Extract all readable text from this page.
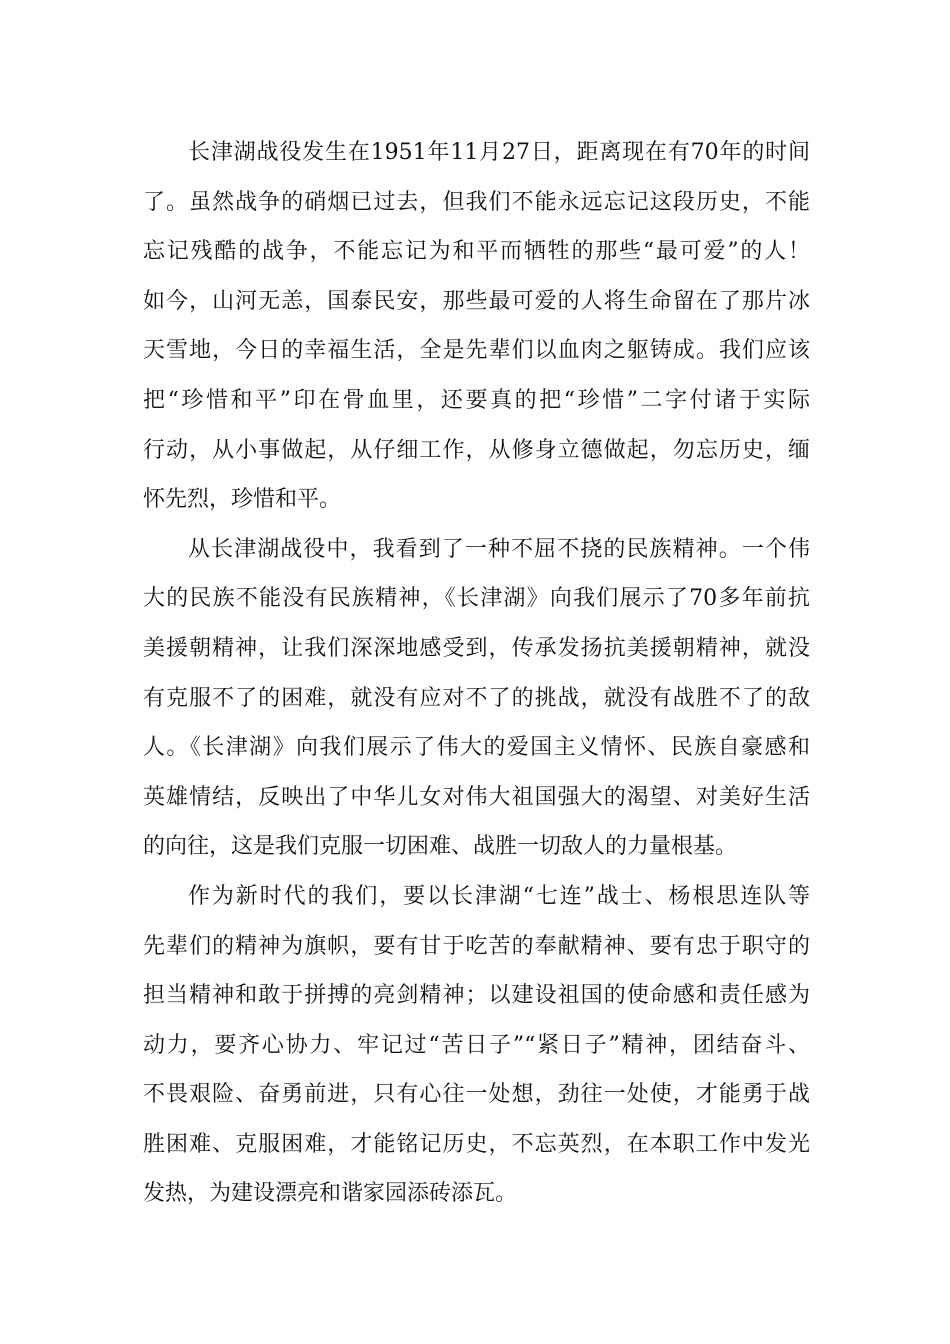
长津湖战役发生在1951年11月27日，距离现在有70年的时间
了。虽然战争的硝烟已过去，但我们不能永远忘记这段历史，不能
忘记残酷的战争，不能忘记为和平而牺牲的那些“最可爱”的人！
如今，山河无恙，国泰民安，那些最可爱的人将生命留在了那片冰
天雪地，今日的幸福生活，全是先辈们以血肉之躯铸成。我们应该
把“珍惜和平”印在骨血里，还要真的把“珍惜”二字付诸于实际
行动，从小事做起，从仔细工作，从修身立德做起，勿忘历史，缅
怀先烈，珍惜和平。
从长津湖战役中，我看到了一种不屈不挠的民族精神。一个伟
大的民族不能没有民族精神，《长津湖》向我们展示了70多年前抗
美援朝精神，让我们深深地感受到，传承发扬抗美援朝精神，就没
有克服不了的困难，就没有应对不了的挑战，就没有战胜不了的敌
人。《长津湖》向我们展示了伟大的爱国主义情怀、民族自豪感和
英雄情结，反映出了中华儿女对伟大祖国强大的渴望、对美好生活
的向往，这是我们克服一切困难、战胜一切敌人的力量根基。
作为新时代的我们，要以长津湖“七连”战士、杨根思连队等
先辈们的精神为旗帜，要有甘于吃苦的奉献精神、要有忠于职守的
担当精神和敢于拼搏的亮剑精神；以建设祖国的使命感和责任感为
动力，要齐心协力、牢记过“苦日子”“紧日子”精神，团结奋斗、
不畏艰险、奋勇前进，只有心往一处想，劲往一处使，才能勇于战
胜困难、克服困难，才能铭记历史，不忘英烈，在本职工作中发光
发热，为建设漂亮和谐家园添砖添瓦。
